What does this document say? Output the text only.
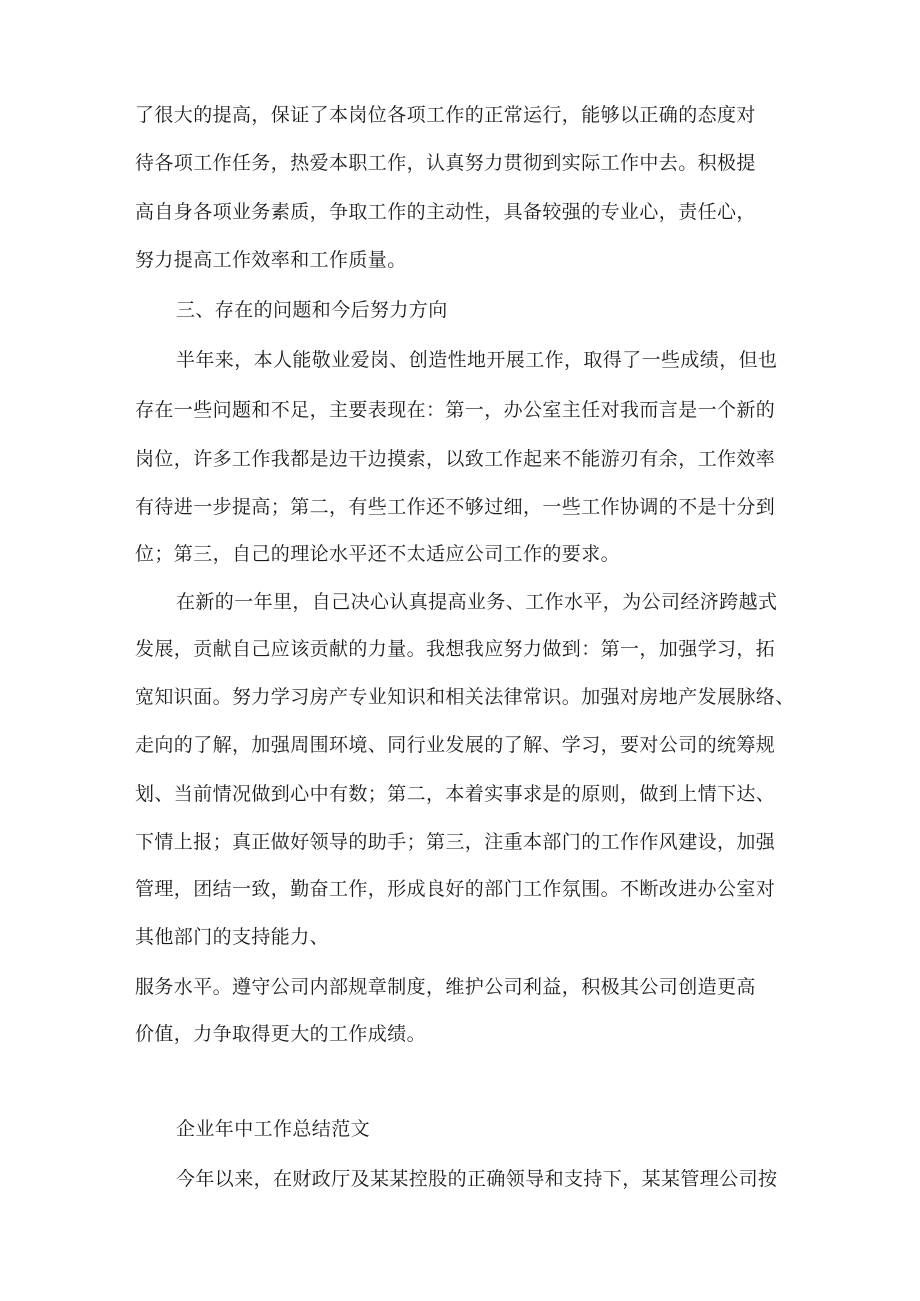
了很大的提高，保证了本岗位各项工作的正常运行，能够以正确的态度对
待各项工作任务，热爱本职工作，认真努力贯彻到实际工作中去。积极提
高自身各项业务素质，争取工作的主动性，具备较强的专业心，责任心，
努力提高工作效率和工作质量。
三、存在的问题和今后努力方向
半年来，本人能敬业爱岗、创造性地开展工作，取得了一些成绩，但也
存在一些问题和不足，主要表现在：第一，办公室主任对我而言是一个新的
岗位，许多工作我都是边干边摸索，以致工作起来不能游刃有余，工作效率
有待进一步提高；第二，有些工作还不够过细，一些工作协调的不是十分到
位；第三，自己的理论水平还不太适应公司工作的要求。
在新的一年里，自己决心认真提高业务、工作水平，为公司经济跨越式
发展，贡献自己应该贡献的力量。我想我应努力做到：第一，加强学习，拓
宽知识面。努力学习房产专业知识和相关法律常识。加强对房地产发展脉络、
走向的了解，加强周围环境、同行业发展的了解、学习，要对公司的统筹规
划、当前情况做到心中有数；第二，本着实事求是的原则，做到上情下达、
下情上报；真正做好领导的助手；第三，注重本部门的工作作风建设，加强
管理，团结一致，勤奋工作，形成良好的部门工作氛围。不断改进办公室对
其他部门的支持能力、
服务水平。遵守公司内部规章制度，维护公司利益，积极其公司创造更高
价值，力争取得更大的工作成绩。
企业年中工作总结范文
今年以来，在财政厅及某某控股的正确领导和支持下，某某管理公司按
